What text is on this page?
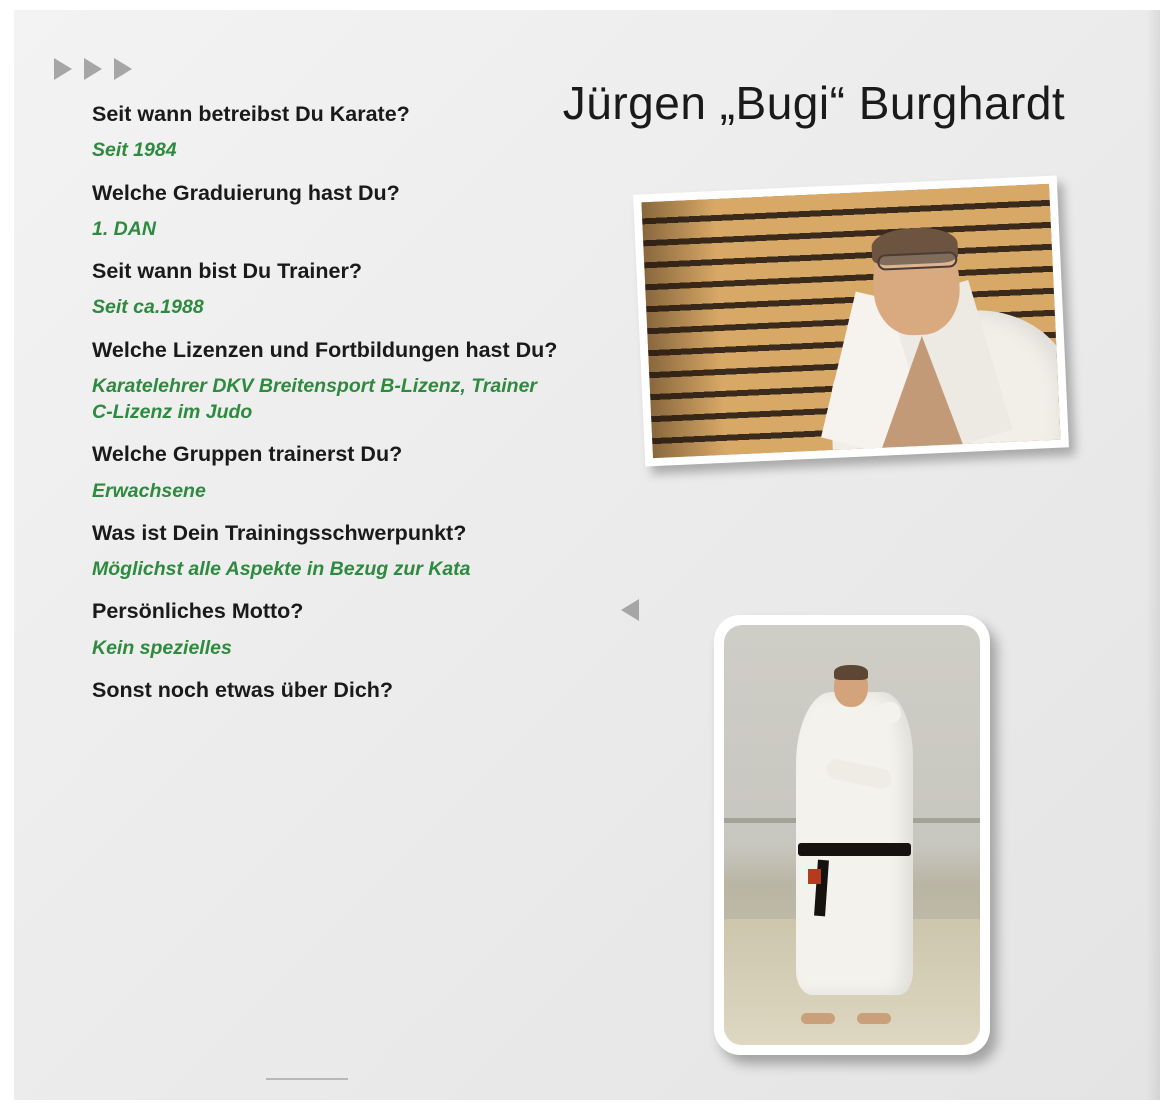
Jürgen „Bugi“ Burghardt

Seit wann betreibst Du Karate?

Seit 1984

Welche Graduierung hast Du?

1. DAN

Seit wann bist Du Trainer?

Seit ca.1988

Welche Lizenzen und Fortbildungen hast Du?

Karatelehrer DKV Breitensport B-Lizenz, Trainer C-Lizenz im Judo

Welche Gruppen trainerst Du?

Erwachsene

Was ist Dein Trainingsschwerpunkt?

Möglichst alle Aspekte in Bezug zur Kata

Persönliches Motto?

Kein spezielles

Sonst noch etwas über Dich?
